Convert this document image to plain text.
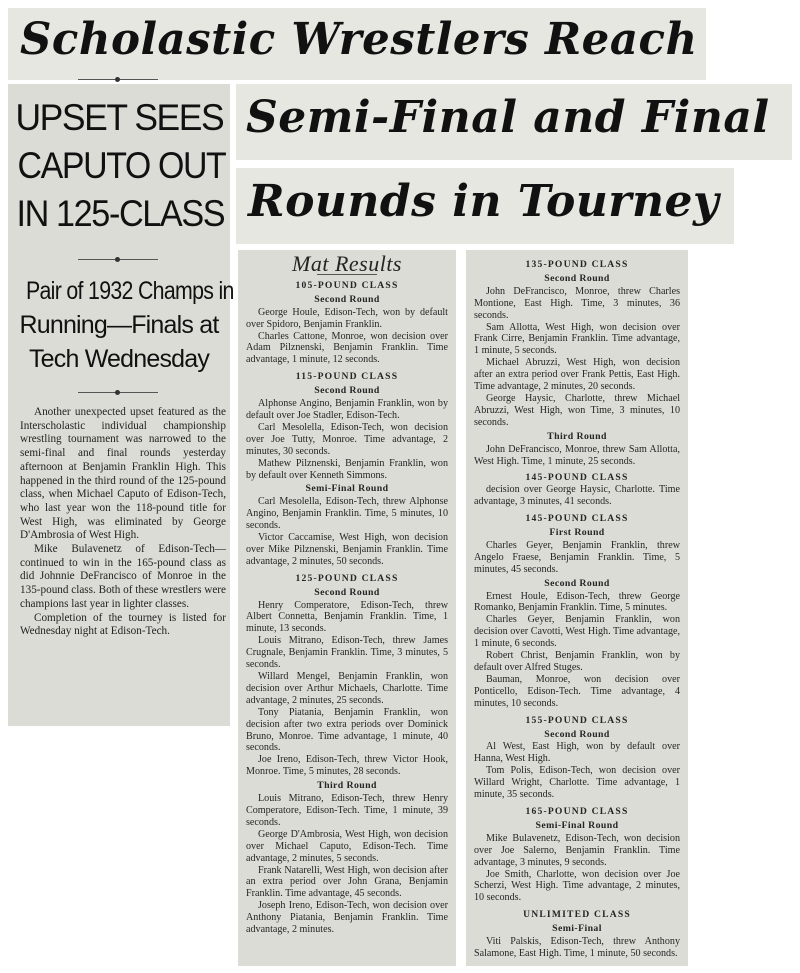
Scholastic Wrestlers Reach
Semi-Final and Final
Rounds in Tourney
UPSET SEES
CAPUTO OUT
IN 125-CLASS
Pair of 1932 Champs in
Running—Finals at
Tech Wednesday

Another unexpected upset featured as the Interscholastic individual championship wrestling tournament was narrowed to the semi-final and final rounds yesterday afternoon at Benjamin Franklin High. This happened in the third round of the 125-pound class, when Michael Caputo of Edison-Tech, who last year won the 118-pound title for West High, was eliminated by George D'Ambrosia of West High.

Mike Bulavenetz of Edison-Tech—continued to win in the 165-pound class as did Johnnie DeFrancisco of Monroe in the 135-pound class. Both of these wrestlers were champions last year in lighter classes.

Completion of the tourney is listed for Wednesday night at Edison-Tech.

Mat Results
105-POUND CLASS
Second Round

George Houle, Edison-Tech, won by default over Spidoro, Benjamin Franklin.

Charles Cattone, Monroe, won decision over Adam Pilznenski, Benjamin Franklin. Time advantage, 1 minute, 12 seconds.

115-POUND CLASS
Second Round

Alphonse Angino, Benjamin Franklin, won by default over Joe Stadler, Edison-Tech.

Carl Mesolella, Edison-Tech, won decision over Joe Tutty, Monroe. Time advantage, 2 minutes, 30 seconds.

Mathew Pilznenski, Benjamin Franklin, won by default over Kenneth Simmons.

Semi-Final Round

Carl Mesolella, Edison-Tech, threw Alphonse Angino, Benjamin Franklin. Time, 5 minutes, 10 seconds.

Victor Caccamise, West High, won decision over Mike Pilznenski, Benjamin Franklin. Time advantage, 2 minutes, 50 seconds.

125-POUND CLASS
Second Round

Henry Comperatore, Edison-Tech, threw Albert Connetta, Benjamin Franklin. Time, 1 minute, 13 seconds.

Louis Mitrano, Edison-Tech, threw James Crugnale, Benjamin Franklin. Time, 3 minutes, 5 seconds.

Willard Mengel, Benjamin Franklin, won decision over Arthur Michaels, Charlotte. Time advantage, 2 minutes, 25 seconds.

Tony Piatania, Benjamin Franklin, won decision after two extra periods over Dominick Bruno, Monroe. Time advantage, 1 minute, 40 seconds.

Joe Ireno, Edison-Tech, threw Victor Hook, Monroe. Time, 5 minutes, 28 seconds.

Third Round

Louis Mitrano, Edison-Tech, threw Henry Comperatore, Edison-Tech. Time, 1 minute, 39 seconds.

George D'Ambrosia, West High, won decision over Michael Caputo, Edison-Tech. Time advantage, 2 minutes, 5 seconds.

Frank Natarelli, West High, won decision after an extra period over John Grana, Benjamin Franklin. Time advantage, 45 seconds.

Joseph Ireno, Edison-Tech, won decision over Anthony Piatania, Benjamin Franklin. Time advantage, 2 minutes.

135-POUND CLASS
Second Round

John DeFrancisco, Monroe, threw Charles Montione, East High. Time, 3 minutes, 36 seconds.

Sam Allotta, West High, won decision over Frank Cirre, Benjamin Franklin. Time advantage, 1 minute, 5 seconds.

Michael Abruzzi, West High, won decision after an extra period over Frank Pettis, East High. Time advantage, 2 minutes, 20 seconds.

George Haysic, Charlotte, threw Michael Abruzzi, West High, won Time, 3 minutes, 10 seconds.

Third Round

John DeFrancisco, Monroe, threw Sam Allotta, West High. Time, 1 minute, 25 seconds.

145-POUND CLASS

decision over George Haysic, Charlotte. Time advantage, 3 minutes, 41 seconds.

145-POUND CLASS
First Round

Charles Geyer, Benjamin Franklin, threw Angelo Fraese, Benjamin Franklin. Time, 5 minutes, 45 seconds.

Second Round

Ernest Houle, Edison-Tech, threw George Romanko, Benjamin Franklin. Time, 5 minutes.

Charles Geyer, Benjamin Franklin, won decision over Cavotti, West High. Time advantage, 1 minute, 6 seconds.

Robert Christ, Benjamin Franklin, won by default over Alfred Stuges.

Bauman, Monroe, won decision over Ponticello, Edison-Tech. Time advantage, 4 minutes, 10 seconds.

155-POUND CLASS
Second Round

Al West, East High, won by default over Hanna, West High.

Tom Polis, Edison-Tech, won decision over Willard Wright, Charlotte. Time advantage, 1 minute, 35 seconds.

165-POUND CLASS
Semi-Final Round

Mike Bulavenetz, Edison-Tech, won decision over Joe Salerno, Benjamin Franklin. Time advantage, 3 minutes, 9 seconds.

Joe Smith, Charlotte, won decision over Joe Scherzi, West High. Time advantage, 2 minutes, 10 seconds.

UNLIMITED CLASS
Semi-Final

Viti Palskis, Edison-Tech, threw Anthony Salamone, East High. Time, 1 minute, 50 seconds.
